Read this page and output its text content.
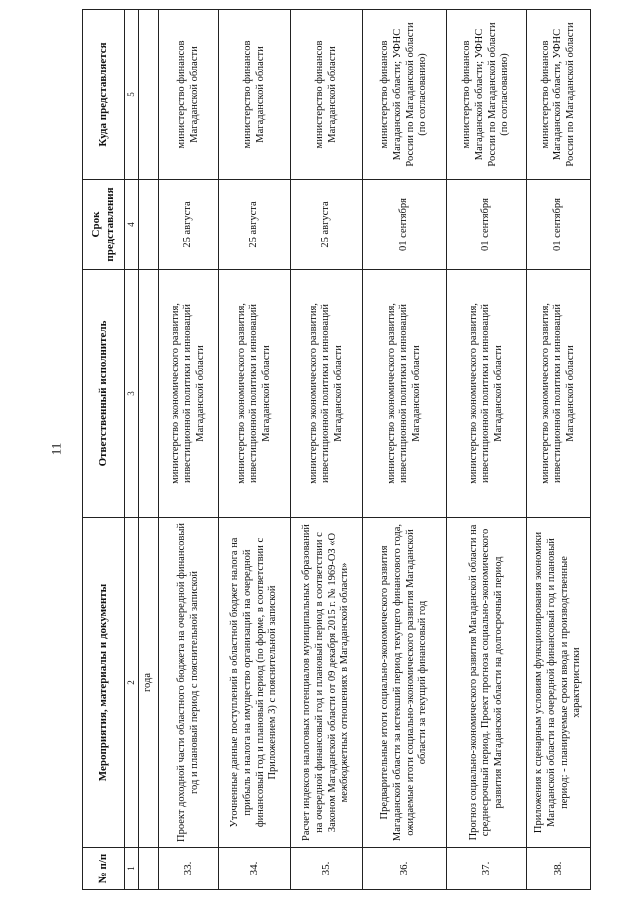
11
№ п/п	Мероприятия, материалы и документы	Ответственный исполнитель	Срок представления	Куда представляется
1	2	3	4	5
	года			
33.	Проект доходной части областного бюджета на очередной финансовый год и плановый период с пояснительной запиской	министерство экономического развития, инвестиционной политики и инноваций Магаданской области	25 августа	министерство финансов Магаданской области
34.	Уточненные данные поступлений в областной бюджет налога на прибыль и налога на имущество организаций на очередной финансовый год и плановый период (по форме, в соответствии с Приложением 3) с пояснительной запиской	министерство экономического развития, инвестиционной политики и инноваций Магаданской области	25 августа	министерство финансов Магаданской области
35.	Расчет индексов налоговых потенциалов муниципальных образований на очередной финансовый год и плановый период в соответствии с Законом Магаданской области от 09 декабря 2015 г. № 1969-ОЗ «О межбюджетных отношениях в Магаданской области»	министерство экономического развития, инвестиционной политики и инноваций Магаданской области	25 августа	министерство финансов Магаданской области
36.	Предварительные итоги социально-экономического развития Магаданской области за истекший период текущего финансового года, ожидаемые итоги социально-экономического развития Магаданской области за текущий финансовый год	министерство экономического развития, инвестиционной политики и инноваций Магаданской области	01 сентября	министерство финансов Магаданской области; УФНС России по Магаданской области (по согласованию)
37.	Прогноз социально-экономического развития Магаданской области на среднесрочный период. Проект прогноза социально-экономического развития Магаданской области на долгосрочный период	министерство экономического развития, инвестиционной политики и инноваций Магаданской области	01 сентября	министерство финансов Магаданской области; УФНС России по Магаданской области (по согласованию)
38.	Приложения к сценарным условиям функционирования экономики Магаданской области на очередной финансовый год и плановый период: - планируемые сроки ввода и производственные характеристики	министерство экономического развития, инвестиционной политики и инноваций Магаданской области	01 сентября	министерство финансов Магаданской области, УФНС России по Магаданской области
